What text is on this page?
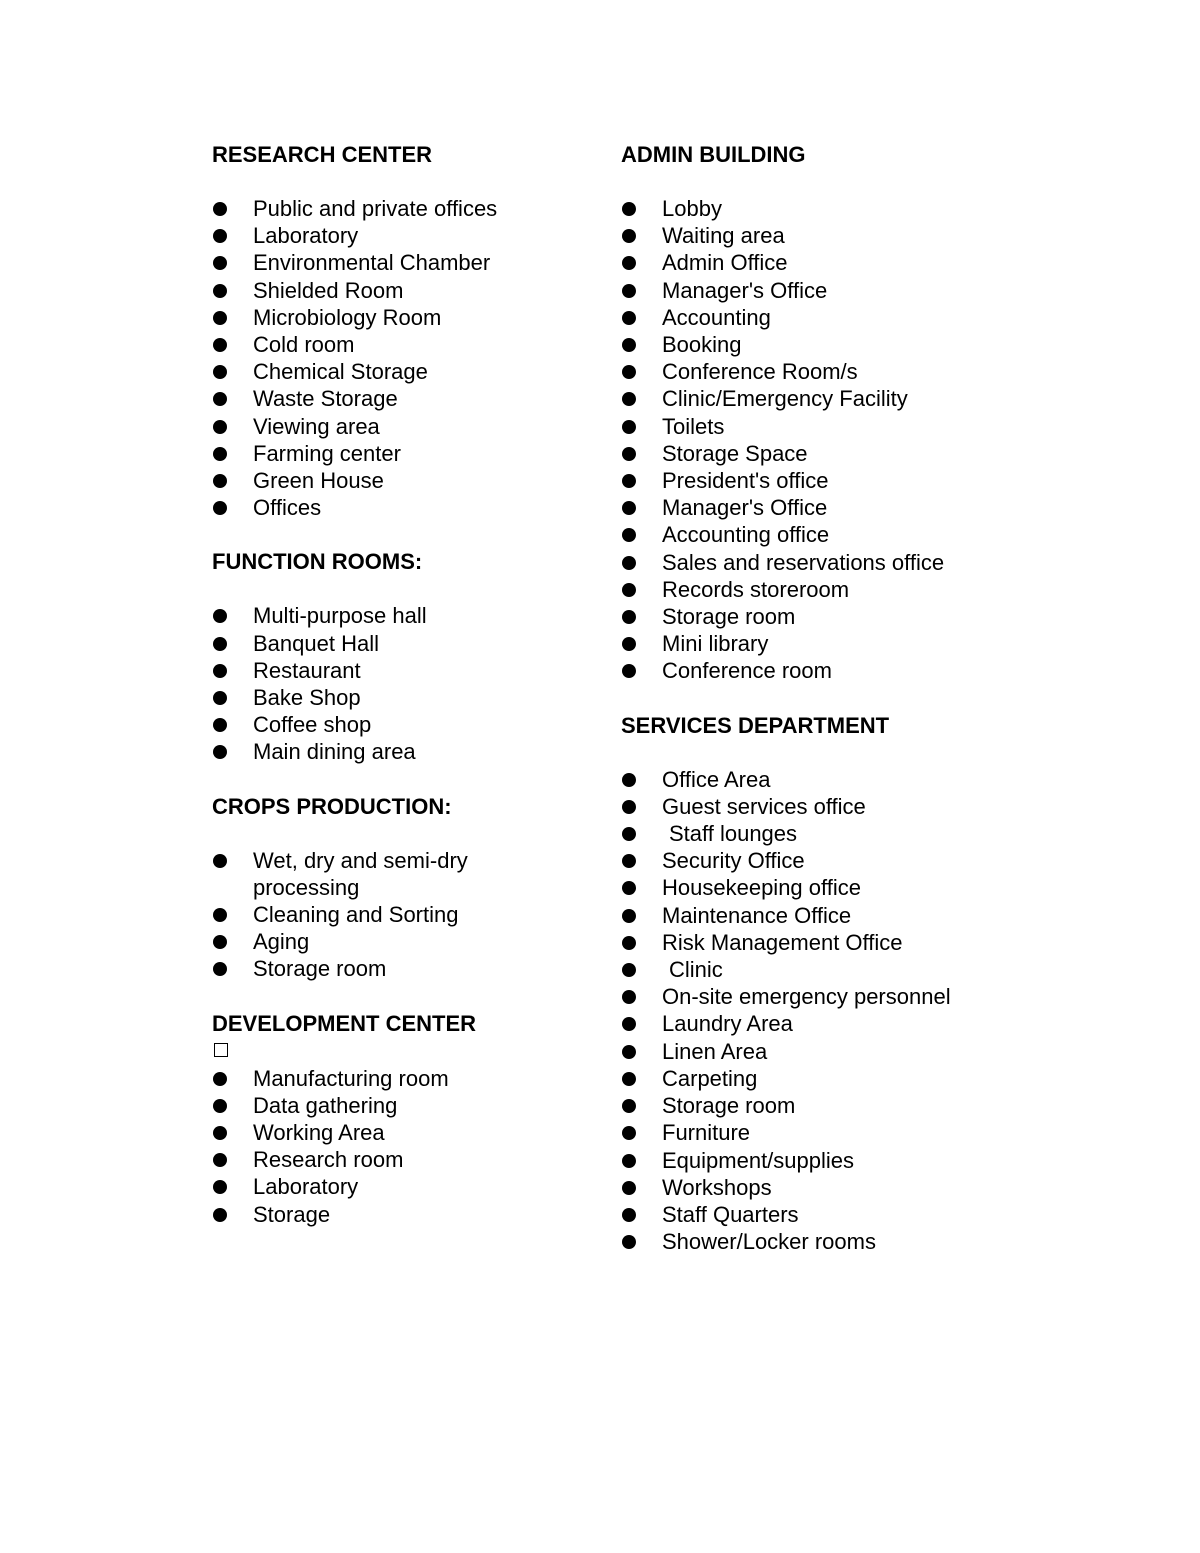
RESEARCH CENTER
Public and private offices
Laboratory
Environmental Chamber
Shielded Room
Microbiology Room
Cold room
Chemical Storage
Waste Storage
Viewing area
Farming center
Green House
Offices
FUNCTION ROOMS:
Multi-purpose hall
Banquet Hall
Restaurant
Bake Shop
Coffee shop
Main dining area
CROPS PRODUCTION:
Wet, dry and semi-dry processing
Cleaning and Sorting
Aging
Storage room
DEVELOPMENT CENTER
Manufacturing room
Data gathering
Working Area
Research room
Laboratory
Storage
ADMIN BUILDING
Lobby
Waiting area
Admin Office
Manager's Office
Accounting
Booking
Conference Room/s
Clinic/Emergency Facility
Toilets
Storage Space
President's office
Manager's Office
Accounting office
Sales and reservations office
Records storeroom
Storage room
Mini library
Conference room
SERVICES DEPARTMENT
Office Area
Guest services office
Staff lounges
Security Office
Housekeeping office
Maintenance Office
Risk Management Office
Clinic
On-site emergency personnel
Laundry Area
Linen Area
Carpeting
Storage room
Furniture
Equipment/supplies
Workshops
Staff Quarters
Shower/Locker rooms
